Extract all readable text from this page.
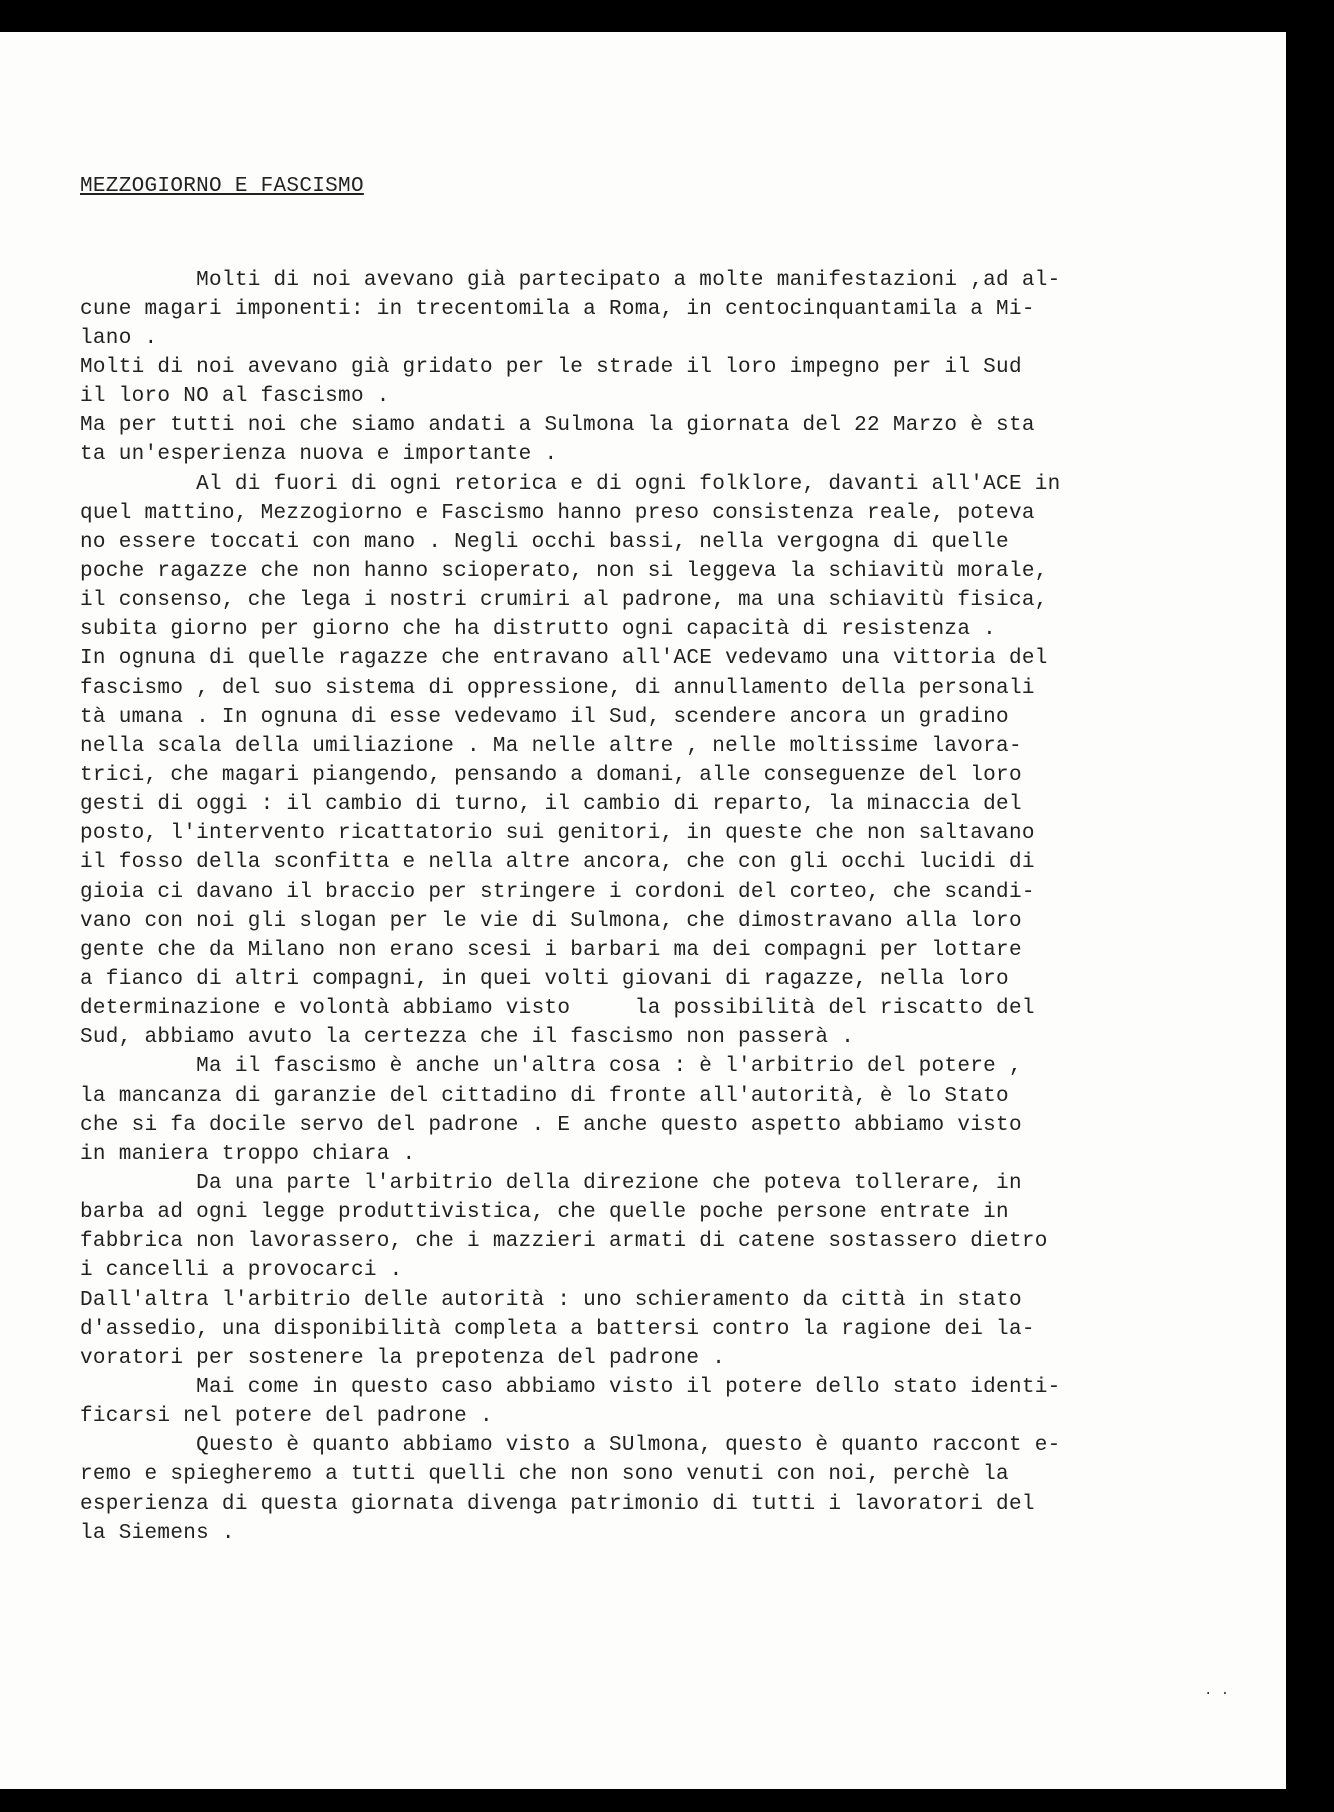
MEZZOGIORNO E FASCISMO

Molti di noi avevano già partecipato a molte manifestazioni ,ad al-
cune magari imponenti: in trecentomila a Roma, in centocinquantamila a Mi-
lano .
Molti di noi avevano già gridato per le strade il loro impegno per il Sud
il loro NO al fascismo .
Ma per tutti noi che siamo andati a Sulmona la giornata del 22 Marzo è sta
ta un'esperienza nuova e importante .
Al di fuori di ogni retorica e di ogni folklore, davanti all'ACE in
quel mattino, Mezzogiorno e Fascismo hanno preso consistenza reale, poteva
no essere toccati con mano . Negli occhi bassi, nella vergogna di quelle
poche ragazze che non hanno scioperato, non si leggeva la schiavitù morale,
il consenso, che lega i nostri crumiri al padrone, ma una schiavitù fisica,
subita giorno per giorno che ha distrutto ogni capacità di resistenza .
In ognuna di quelle ragazze che entravano all'ACE vedevamo una vittoria del
fascismo , del suo sistema di oppressione, di annullamento della personali
tà umana . In ognuna di esse vedevamo il Sud, scendere ancora un gradino
nella scala della umiliazione . Ma nelle altre , nelle moltissime lavora-
trici, che magari piangendo, pensando a domani, alle conseguenze del loro
gesti di oggi : il cambio di turno, il cambio di reparto, la minaccia del
posto, l'intervento ricattatorio sui genitori, in queste che non saltavano
il fosso della sconfitta e nella altre ancora, che con gli occhi lucidi di
gioia ci davano il braccio per stringere i cordoni del corteo, che scandi-
vano con noi gli slogan per le vie di Sulmona, che dimostravano alla loro
gente che da Milano non erano scesi i barbari ma dei compagni per lottare
a fianco di altri compagni, in quei volti giovani di ragazze, nella loro
determinazione e volontà abbiamo visto     la possibilità del riscatto del
Sud, abbiamo avuto la certezza che il fascismo non passerà .
Ma il fascismo è anche un'altra cosa : è l'arbitrio del potere ,
la mancanza di garanzie del cittadino di fronte all'autorità, è lo Stato
che si fa docile servo del padrone . E anche questo aspetto abbiamo visto
in maniera troppo chiara .
Da una parte l'arbitrio della direzione che poteva tollerare, in
barba ad ogni legge produttivistica, che quelle poche persone entrate in
fabbrica non lavorassero, che i mazzieri armati di catene sostassero dietro
i cancelli a provocarci .
Dall'altra l'arbitrio delle autorità : uno schieramento da città in stato
d'assedio, una disponibilità completa a battersi contro la ragione dei la-
voratori per sostenere la prepotenza del padrone .
Mai come in questo caso abbiamo visto il potere dello stato identi-
ficarsi nel potere del padrone .
Questo è quanto abbiamo visto a SUlmona, questo è quanto raccont e-
remo e spiegheremo a tutti quelli che non sono venuti con noi, perchè la
esperienza di questa giornata divenga patrimonio di tutti i lavoratori del
la Siemens .

. .
